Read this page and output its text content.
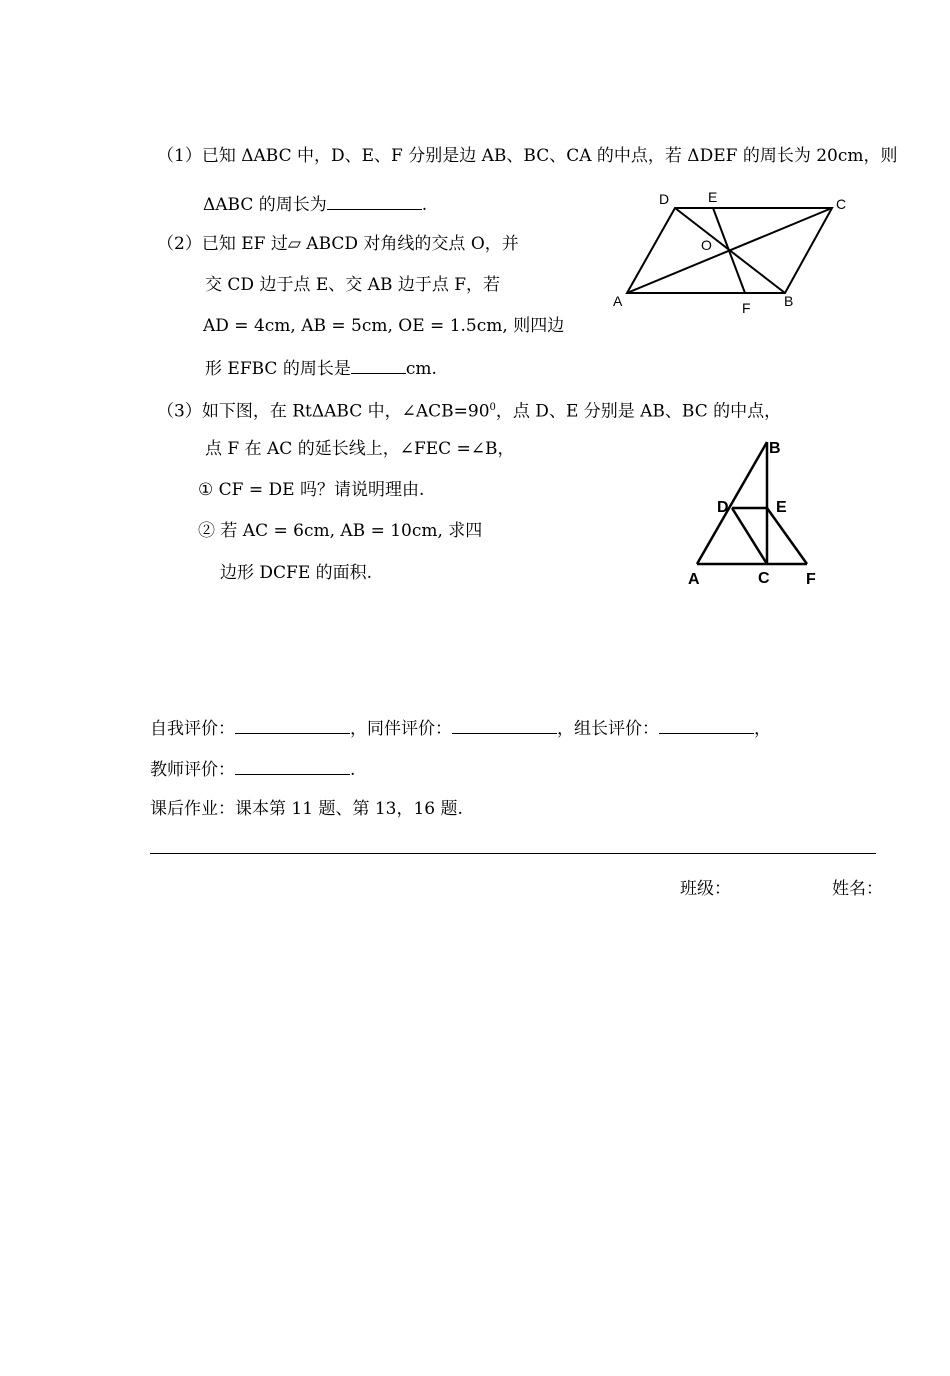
（1）已知 ΔABC 中，D、E、F 分别是边 AB、BC、CA 的中点，若 ΔDEF 的周长为 20cm，则
ΔABC 的周长为	.
（2）已知 EF 过▱ ABCD 对角线的交点 O，并
交 CD 边于点 E、交 AB 边于点 F，若
AD = 4cm, AB = 5cm, OE = 1.5cm, 则四边
形 EFBC 的周长是	cm.
（3）如下图，在 RtΔABC 中，$\angle ACB=90^0$，点 D、E 分别是 AB、BC 的中点，
点 F 在 AC 的延长线上，∠FEC =∠B，
① CF = DE 吗？请说明理由.
② 若 AC = 6cm, AB = 10cm, 求四
边形 DCFE 的面积.
A	B
C
D	E
F
O
A
B
C
D	E
F
自我评价：	，同伴评价：	，组长评价：	，
教师评价：	.
课后作业：课本第 11 题、第 13，16 题.
班级：	姓名：
